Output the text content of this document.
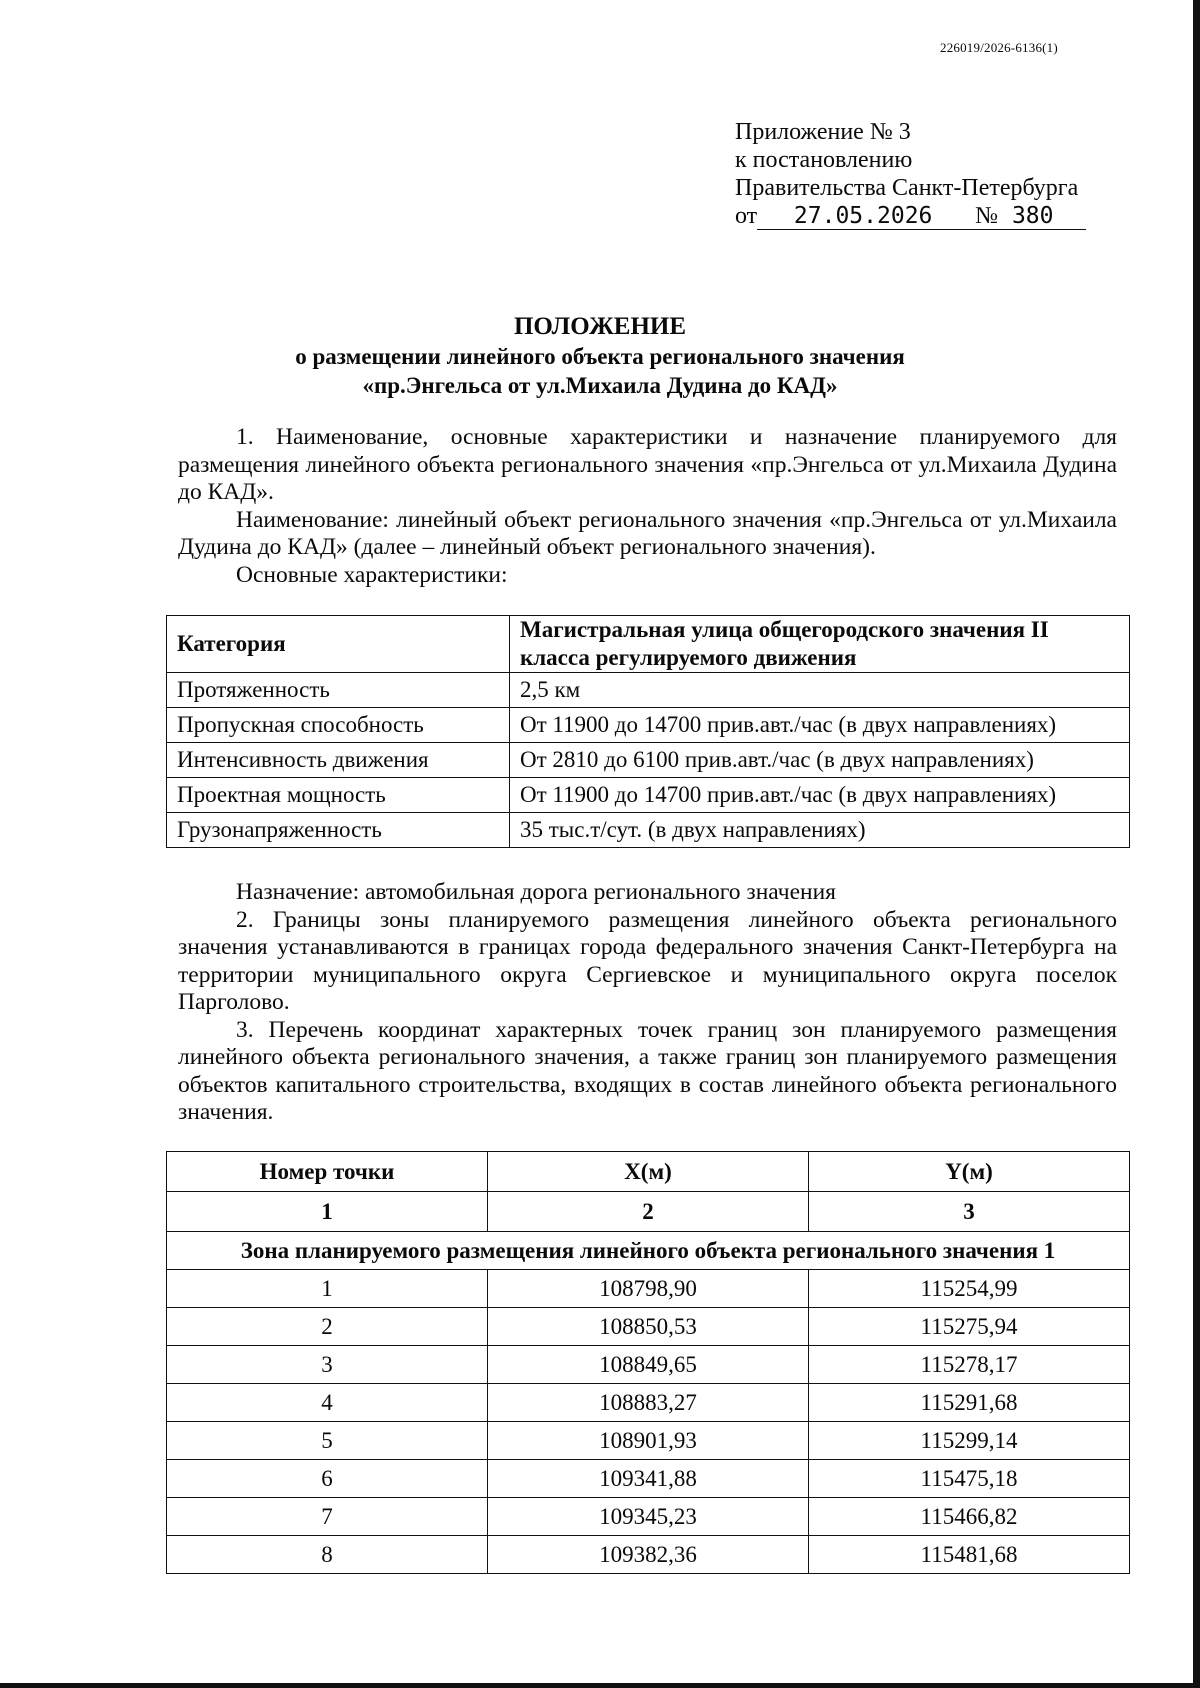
226019/2026-6136(1)
Приложение № 3
к постановлению
Правительства Санкт-Петербурга
от	27.05.2026	№ 380
ПОЛОЖЕНИЕ
о размещении линейного объекта регионального значения
«пр.Энгельса от ул.Михаила Дудина до КАД»
1. Наименование, основные характеристики и назначение планируемого для размещения линейного объекта регионального значения «пр.Энгельса от ул.Михаила Дудина до КАД».
Наименование: линейный объект регионального значения «пр.Энгельса от ул.Михаила Дудина до КАД» (далее – линейный объект регионального значения).
Основные характеристики:
Категория	Магистральная улица общегородского значения II класса регулируемого движения
Протяженность	2,5 км
Пропускная способность	От 11900 до 14700 прив.авт./час (в двух направлениях)
Интенсивность движения	От 2810 до 6100 прив.авт./час (в двух направлениях)
Проектная мощность	От 11900 до 14700 прив.авт./час (в двух направлениях)
Грузонапряженность	35 тыс.т/сут. (в двух направлениях)
Назначение: автомобильная дорога регионального значения
2. Границы зоны планируемого размещения линейного объекта регионального значения устанавливаются в границах города федерального значения Санкт-Петербурга на территории муниципального округа Сергиевское и муниципального округа поселок Парголово.
3. Перечень координат характерных точек границ зон планируемого размещения линейного объекта регионального значения, а также границ зон планируемого размещения объектов капитального строительства, входящих в состав линейного объекта регионального значения.
Номер точки	X(м)	Y(м)
1	2	3
Зона планируемого размещения линейного объекта регионального значения 1		
1	108798,90	115254,99
2	108850,53	115275,94
3	108849,65	115278,17
4	108883,27	115291,68
5	108901,93	115299,14
6	109341,88	115475,18
7	109345,23	115466,82
8	109382,36	115481,68
